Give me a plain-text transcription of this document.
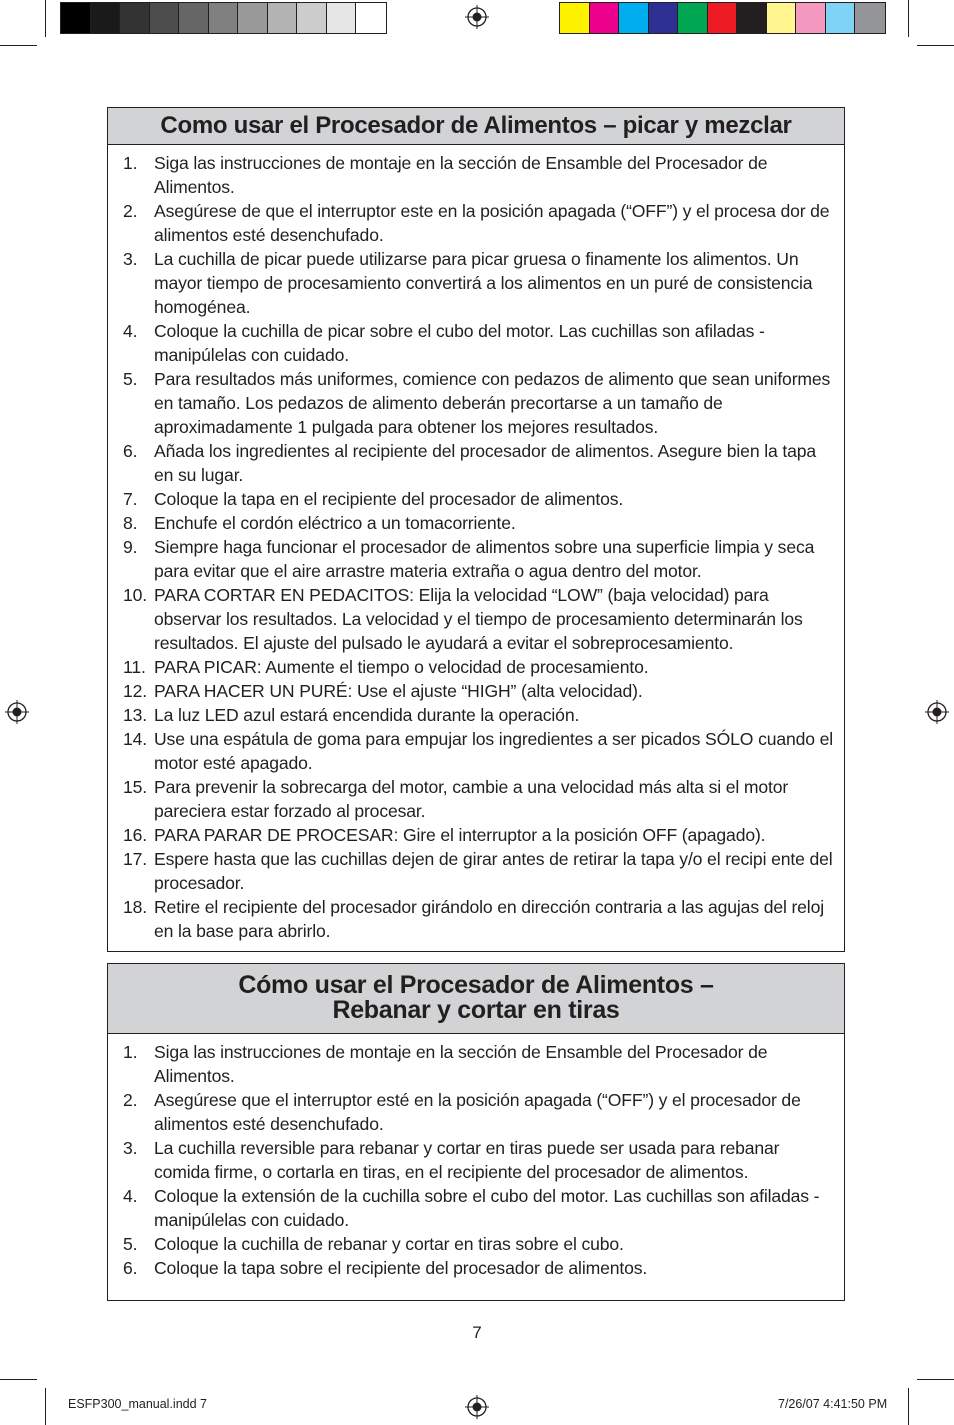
Como usar el Procesador de Alimentos – picar y mezclar
1. Siga las instrucciones de montaje en la sección de Ensamble del Procesador de Alimentos.
2. Asegúrese de que el interruptor este en la posición apagada (“OFF”) y el procesa dor de alimentos esté desenchufado.
3. La cuchilla de picar puede utilizarse para picar gruesa o finamente los alimentos. Un mayor tiempo de procesamiento convertirá a los alimentos en un puré de consistencia homogénea.
4. Coloque la cuchilla de picar sobre el cubo del motor. Las cuchillas son afiladas - manipúlelas con cuidado.
5. Para resultados más uniformes, comience con pedazos de alimento que sean uniformes en tamaño. Los pedazos de alimento deberán precortarse a un tamaño de aproximadamente 1 pulgada para obtener los mejores resultados.
6. Añada los ingredientes al recipiente del procesador de alimentos. Asegure bien la tapa en su lugar.
7. Coloque la tapa en el recipiente del procesador de alimentos.
8. Enchufe el cordón eléctrico a un tomacorriente.
9. Siempre haga funcionar el procesador de alimentos sobre una superficie limpia y seca para evitar que el aire arrastre materia extraña o agua dentro del motor.
10. PARA CORTAR EN PEDACITOS: Elija la velocidad “LOW” (baja velocidad) para observar los resultados. La velocidad y el tiempo de procesamiento determinarán los resultados. El ajuste del pulsado le ayudará a evitar el sobreprocesamiento.
11. PARA PICAR: Aumente el tiempo o velocidad de procesamiento.
12. PARA HACER UN PURÉ: Use el ajuste “HIGH” (alta velocidad).
13. La luz LED azul estará encendida durante la operación.
14. Use una espátula de goma para empujar los ingredientes a ser picados SÓLO cuando el motor esté apagado.
15. Para prevenir la sobrecarga del motor, cambie a una velocidad más alta si el motor pareciera estar forzado al procesar.
16. PARA PARAR DE PROCESAR: Gire el interruptor a la posición OFF (apagado).
17. Espere hasta que las cuchillas dejen de girar antes de retirar la tapa y/o el recipi ente del procesador.
18. Retire el recipiente del procesador girándolo en dirección contraria a las agujas del reloj en la base para abrirlo.
Cómo usar el Procesador de Alimentos –
Rebanar y cortar en tiras
1. Siga las instrucciones de montaje en la sección de Ensamble del Procesador de Alimentos.
2. Asegúrese que el interruptor esté en la posición apagada (“OFF”) y el procesador de alimentos esté desenchufado.
3. La cuchilla reversible para rebanar y cortar en tiras puede ser usada para rebanar comida firme, o cortarla en tiras, en el recipiente del procesador de alimentos.
4. Coloque la extensión de la cuchilla sobre el cubo del motor. Las cuchillas son afiladas - manipúlelas con cuidado.
5. Coloque la cuchilla de rebanar y cortar en tiras sobre el cubo.
6. Coloque la tapa sobre el recipiente del procesador de alimentos.
7
ESFP300_manual.indd 7	7/26/07 4:41:50 PM
